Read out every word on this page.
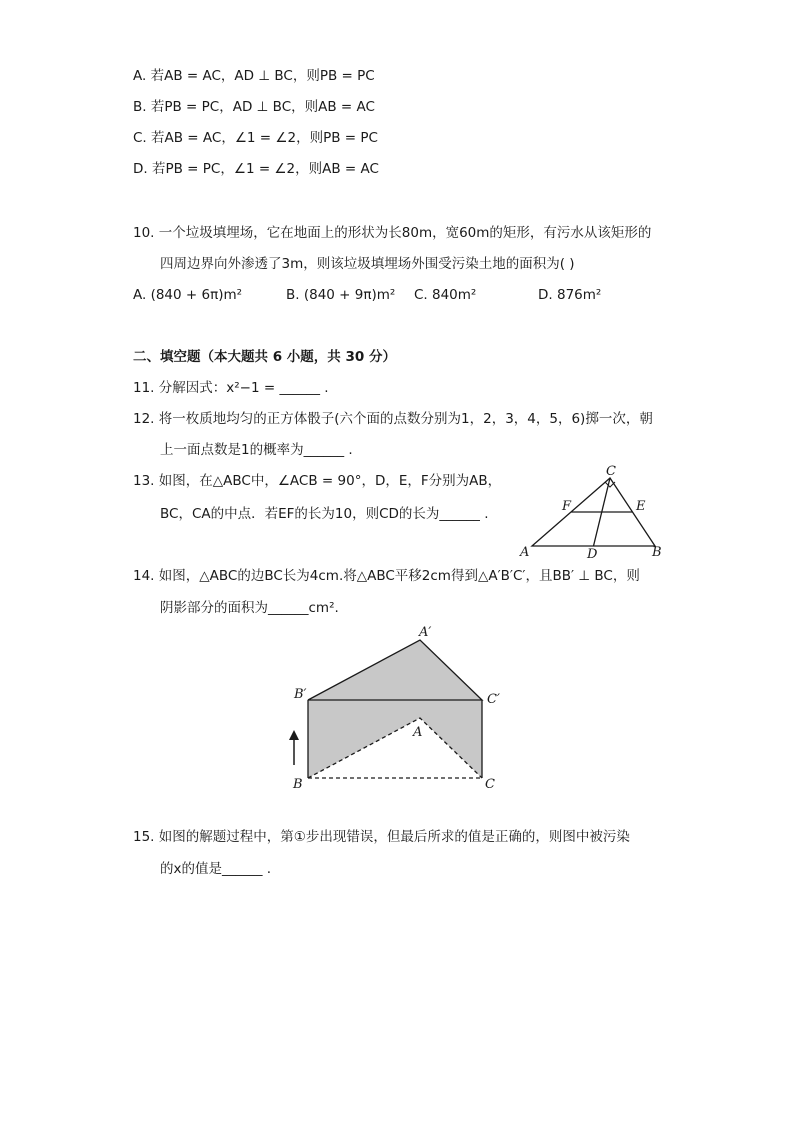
A. 若AB = AC，AD ⊥ BC，则PB = PC
B. 若PB = PC，AD ⊥ BC，则AB = AC
C. 若AB = AC，∠1 = ∠2，则PB = PC
D. 若PB = PC，∠1 = ∠2，则AB = AC
10. 一个垃圾填埋场，它在地面上的形状为长80m，宽60m的矩形，有污水从该矩形的
四周边界向外渗透了3m，则该垃圾填埋场外围受污染土地的面积为( )
A. (840 + 6π)m²	B. (840 + 9π)m² C. 840m²	D. 876m²
二、填空题（本大题共 6 小题，共 30 分）
11. 分解因式：x²−1 = ______ .
12. 将一枚质地均匀的正方体骰子(六个面的点数分别为1，2，3，4，5，6)掷一次，朝
上一面点数是1的概率为______ .
13. 如图，在△ABC中，∠ACB = 90°，D，E，F分别为AB，
BC，CA的中点．若EF的长为10，则CD的长为______ .
C
F	E
A	D	B
14. 如图，△ABC的边BC长为4cm.将△ABC平移2cm得到△A′B′C′，且BB′ ⊥ BC，则
阴影部分的面积为______cm².
A′
B′	C′
A
B	C
15. 如图的解题过程中，第①步出现错误，但最后所求的值是正确的，则图中被污染
的x的值是______ .
